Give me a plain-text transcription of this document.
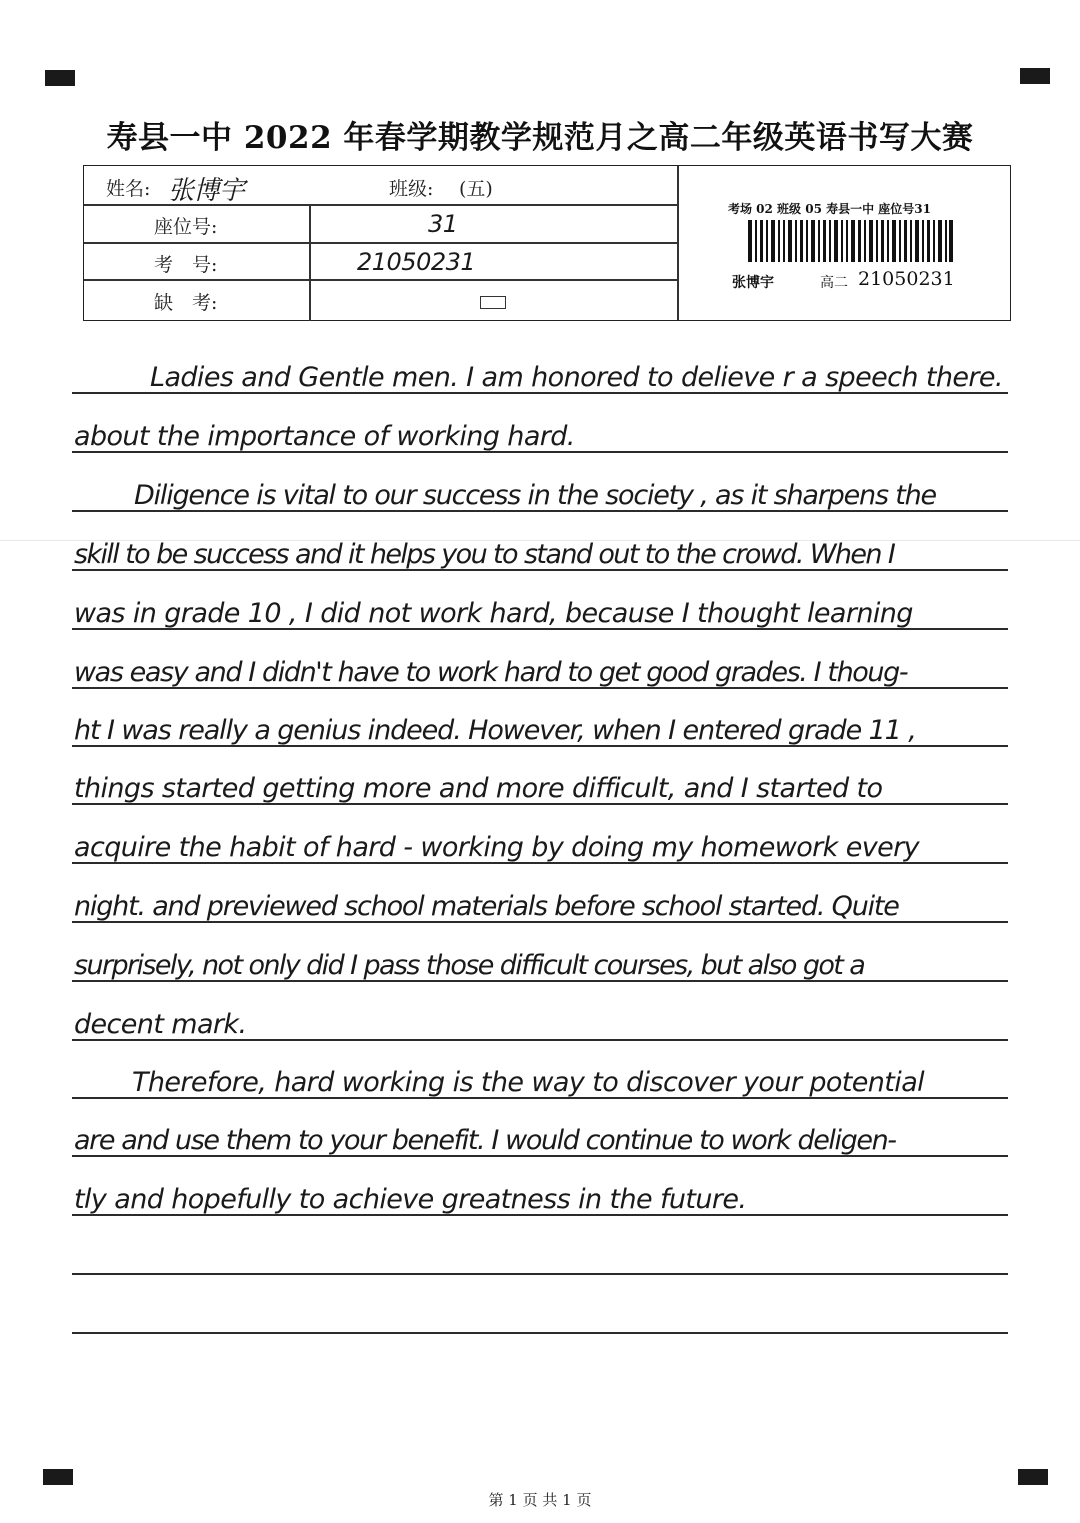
寿县一中 2022 年春学期教学规范月之高二年级英语书写大赛
姓名: 张博宇	班级: (五)
座位号:	31
考　号:	21050231
缺　考:
考场 02 班级 05 寿县一中 座位号31
张博宇	高二 21050231
Ladies and Gentle men. I am honored to delieve r a speech there.
about the importance of working hard.
Diligence is vital to our success in the society , as it sharpens the
skill to be success and it helps you to stand out to the crowd. When I
was in grade 10 , I did not work hard, because I thought learning
was easy and I didn't have to work hard to get good grades. I thoug-
ht I was really a genius indeed. However, when I entered grade 11 ,
things started getting more and more difficult, and I started to
acquire the habit of hard - working by doing my homework every
night. and previewed school materials before school started. Quite
surprisely, not only did I pass those difficult courses, but also got a
decent mark.
Therefore, hard working is the way to discover your potential
are and use them to your benefit. I would continue to work deligen-
tly and hopefully to achieve greatness in the future.
第 1 页 共 1 页
